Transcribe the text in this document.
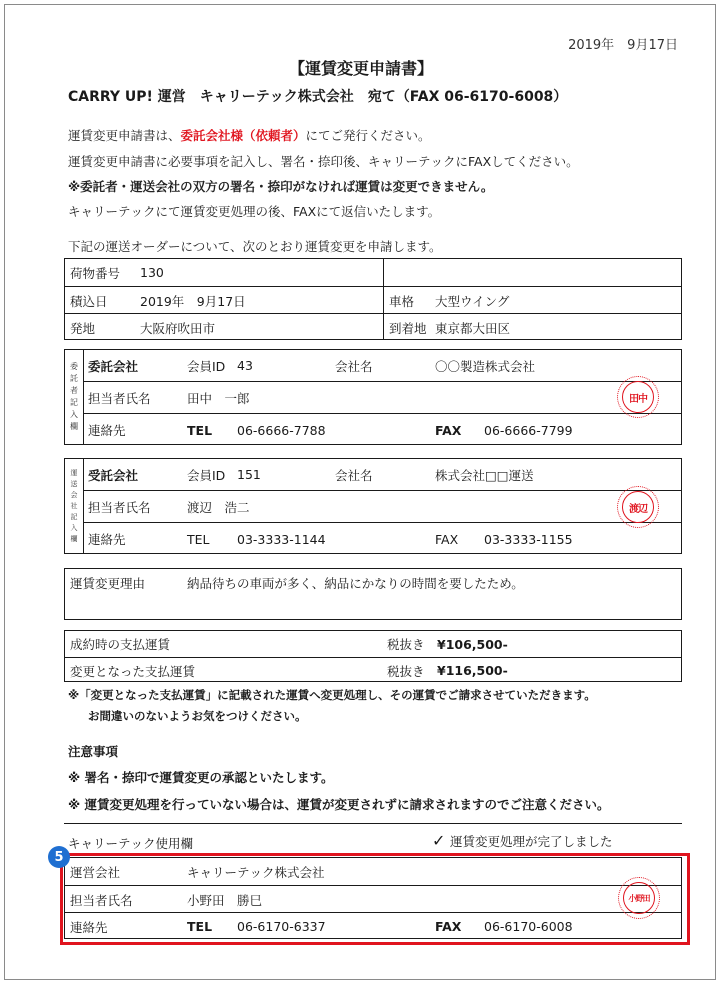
2019年　9月17日
【運賃変更申請書】
CARRY UP! 運営　キャリーテック株式会社　宛て（FAX 06-6170-6008）
運賃変更申請書は、委託会社様（依頼者）にてご発行ください。
運賃変更申請書に必要事項を記入し、署名・捺印後、キャリーテックにFAXしてください。
※委託者・運送会社の双方の署名・捺印がなければ運賃は変更できません。
キャリーテックにて運賃変更処理の後、FAXにて返信いたします。
下記の運送オーダーについて、次のとおり運賃変更を申請します。
荷物番号 130
積込日	2019年　9月17日	車格 大型ウイング
発地	大阪府吹田市	到着地 東京都大田区
委
託
者
記
入
欄
委託会社	会員ID 43	会社名	〇〇製造株式会社
担当者氏名	田中　一郎
連絡先	TEL 06-6666-7788	FAX 06-6666-7799
田中
運
送
会
社
記
入
欄
受託会社	会員ID 151	会社名	株式会社□□運送
担当者氏名	渡辺　浩二
連絡先	TEL 03-3333-1144	FAX 03-3333-1155
渡辺
運賃変更理由	納品待ちの車両が多く、納品にかなりの時間を要したため。
成約時の支払運賃	税抜き ¥106,500-
変更となった支払運賃	税抜き ¥116,500-
※「変更となった支払運賃」に記載された運賃へ変更処理し、その運賃でご請求させていただきます。
お間違いのないようお気をつけください。
注意事項
※ 署名・捺印で運賃変更の承認といたします。
※ 運賃変更処理を行っていない場合は、運賃が変更されずに請求されますのでご注意ください。
キャリーテック使用欄	✓ 運賃変更処理が完了しました
運営会社	キャリーテック株式会社
担当者氏名	小野田　勝巳
連絡先	TEL 06-6170-6337	FAX 06-6170-6008
小野田
5
